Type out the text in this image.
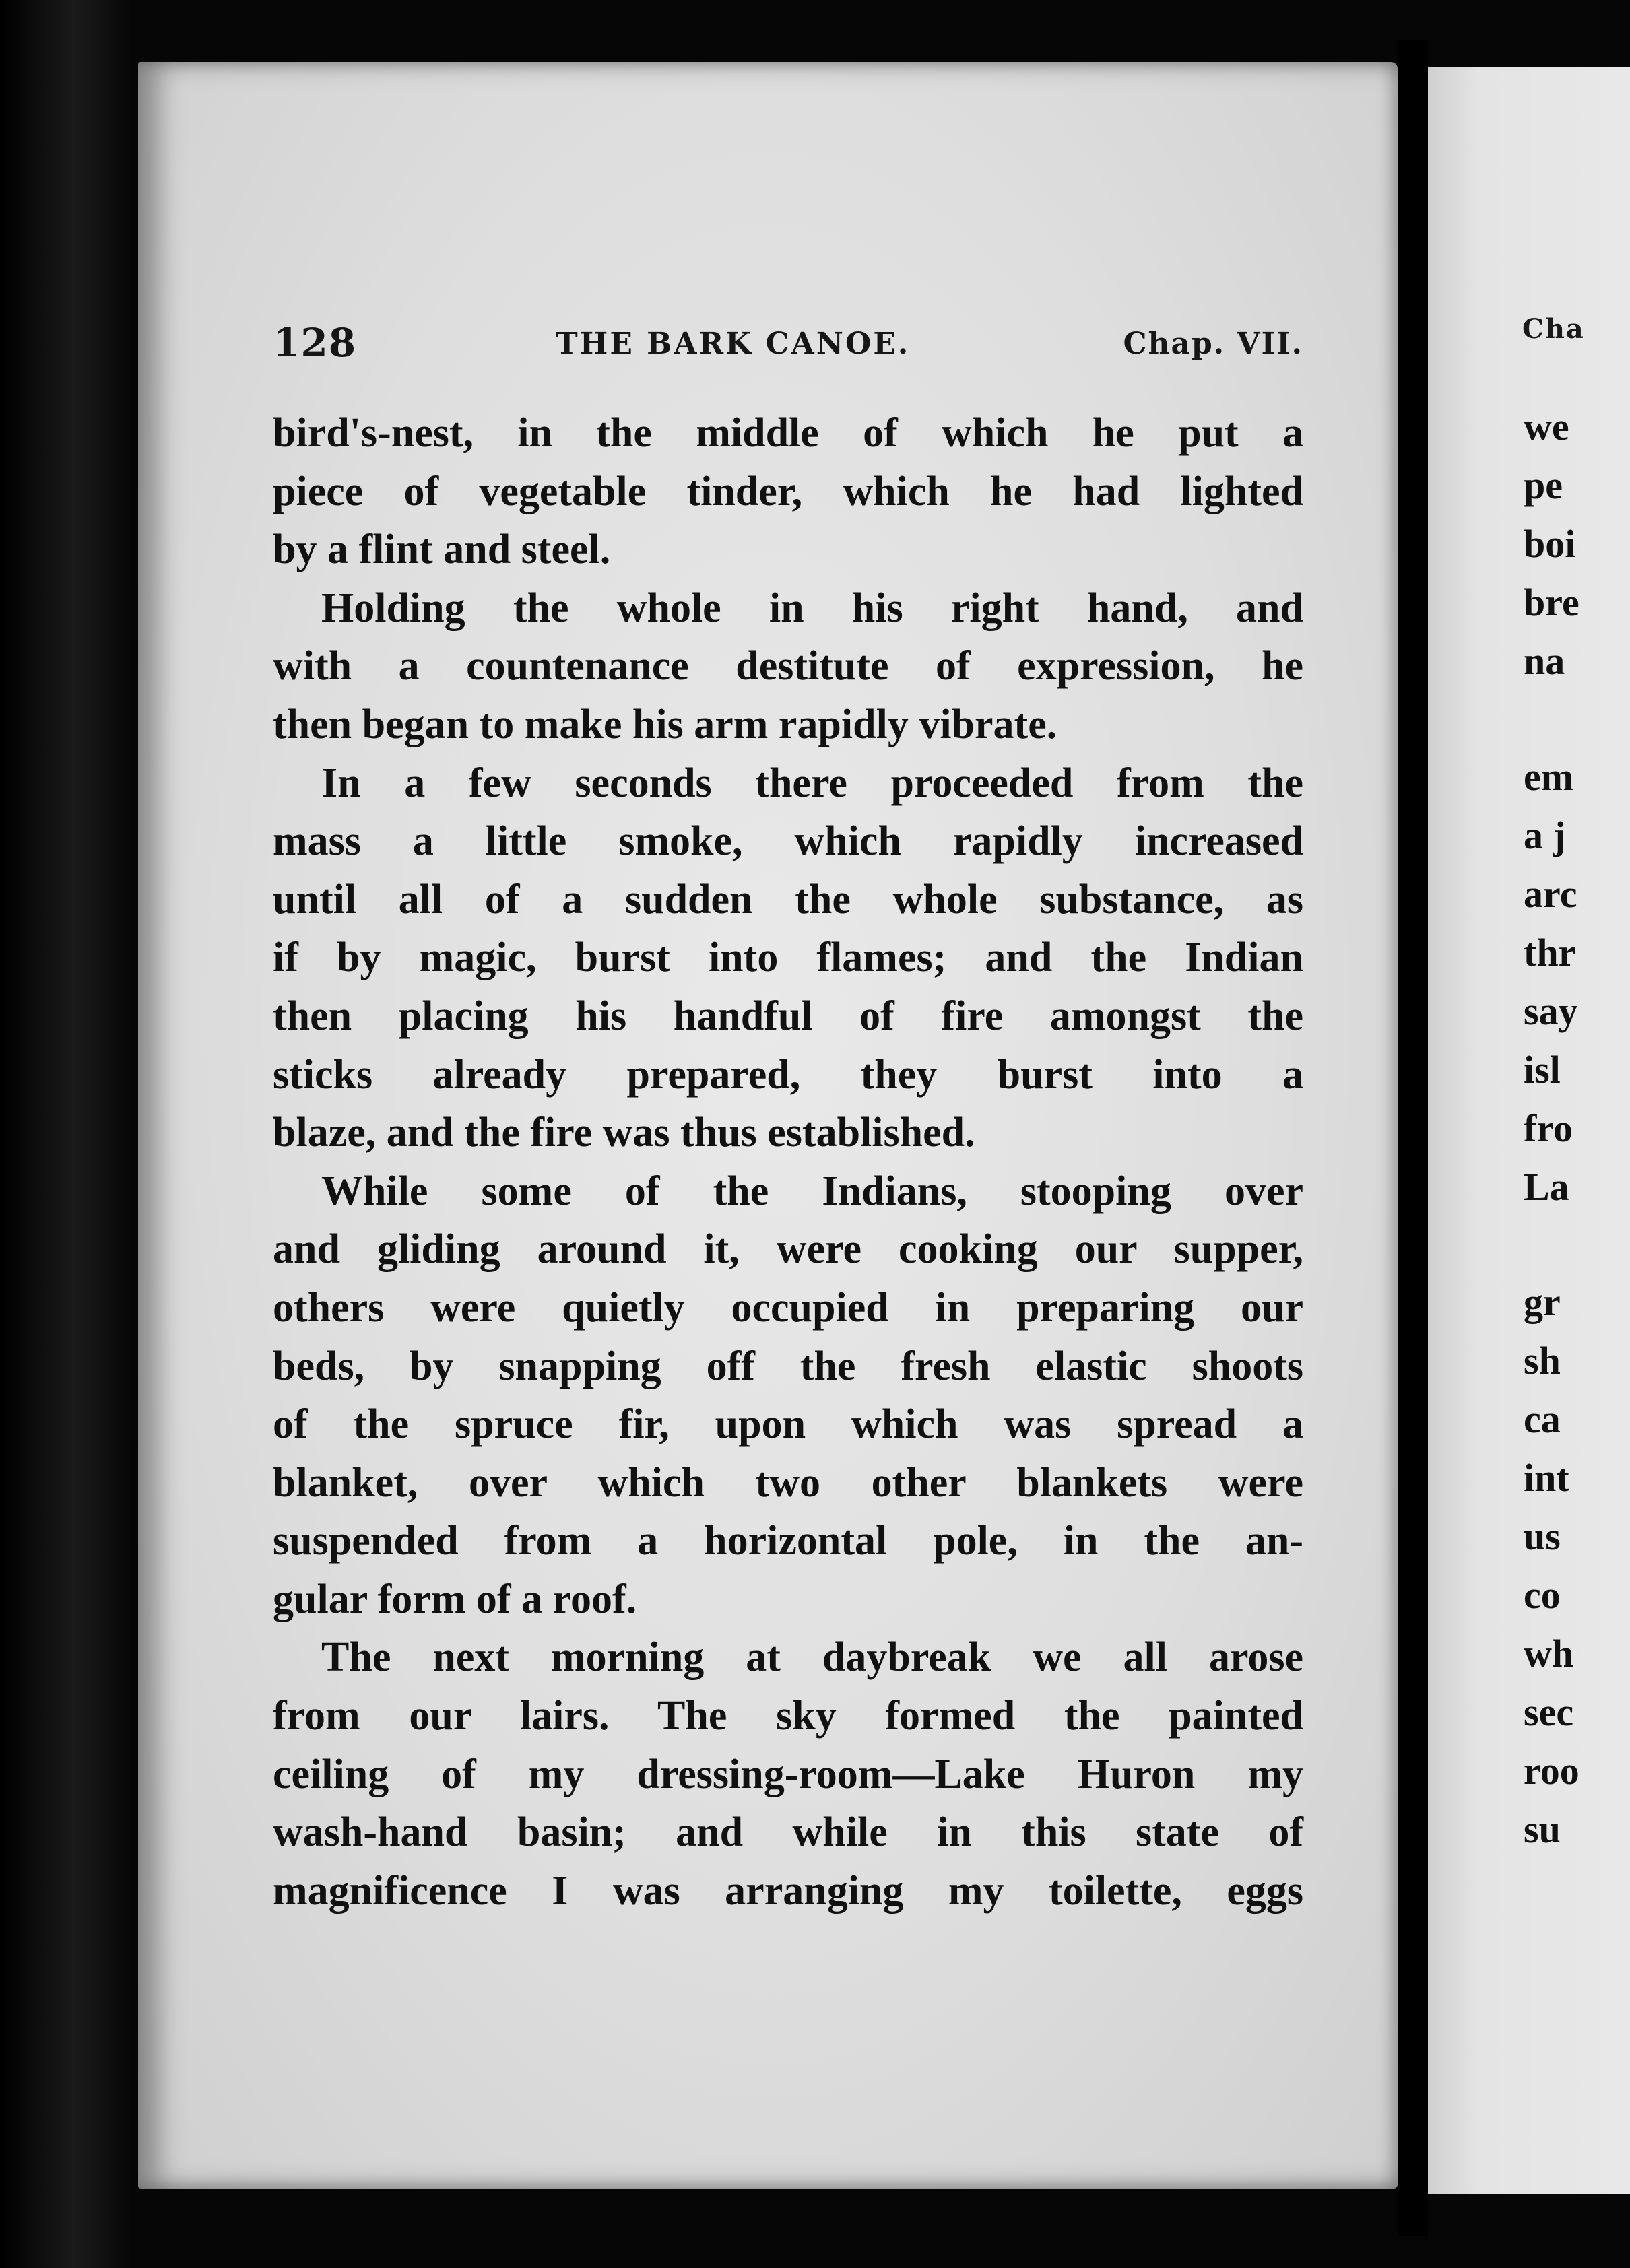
128	THE BARK CANOE.	Chap. VII.
bird's-nest, in the middle of which he put a
piece of vegetable tinder, which he had lighted
by a flint and steel.
Holding the whole in his right hand, and
with a countenance destitute of expression, he
then began to make his arm rapidly vibrate.
In a few seconds there proceeded from the
mass a little smoke, which rapidly increased
until all of a sudden the whole substance, as
if by magic, burst into flames; and the Indian
then placing his handful of fire amongst the
sticks already prepared, they burst into a
blaze, and the fire was thus established.
While some of the Indians, stooping over
and gliding around it, were cooking our supper,
others were quietly occupied in preparing our
beds, by snapping off the fresh elastic shoots
of the spruce fir, upon which was spread a
blanket, over which two other blankets were
suspended from a horizontal pole, in the an-
gular form of a roof.
The next morning at daybreak we all arose
from our lairs. The sky formed the painted
ceiling of my dressing-room—Lake Huron my
wash-hand basin; and while in this state of
magnificence I was arranging my toilette, eggs
Cha
we
pe
boi
bre
na
em
a j
arc
thr
say
isl
fro
La
gr
sh
ca
int
us
co
wh
sec
roo
su
